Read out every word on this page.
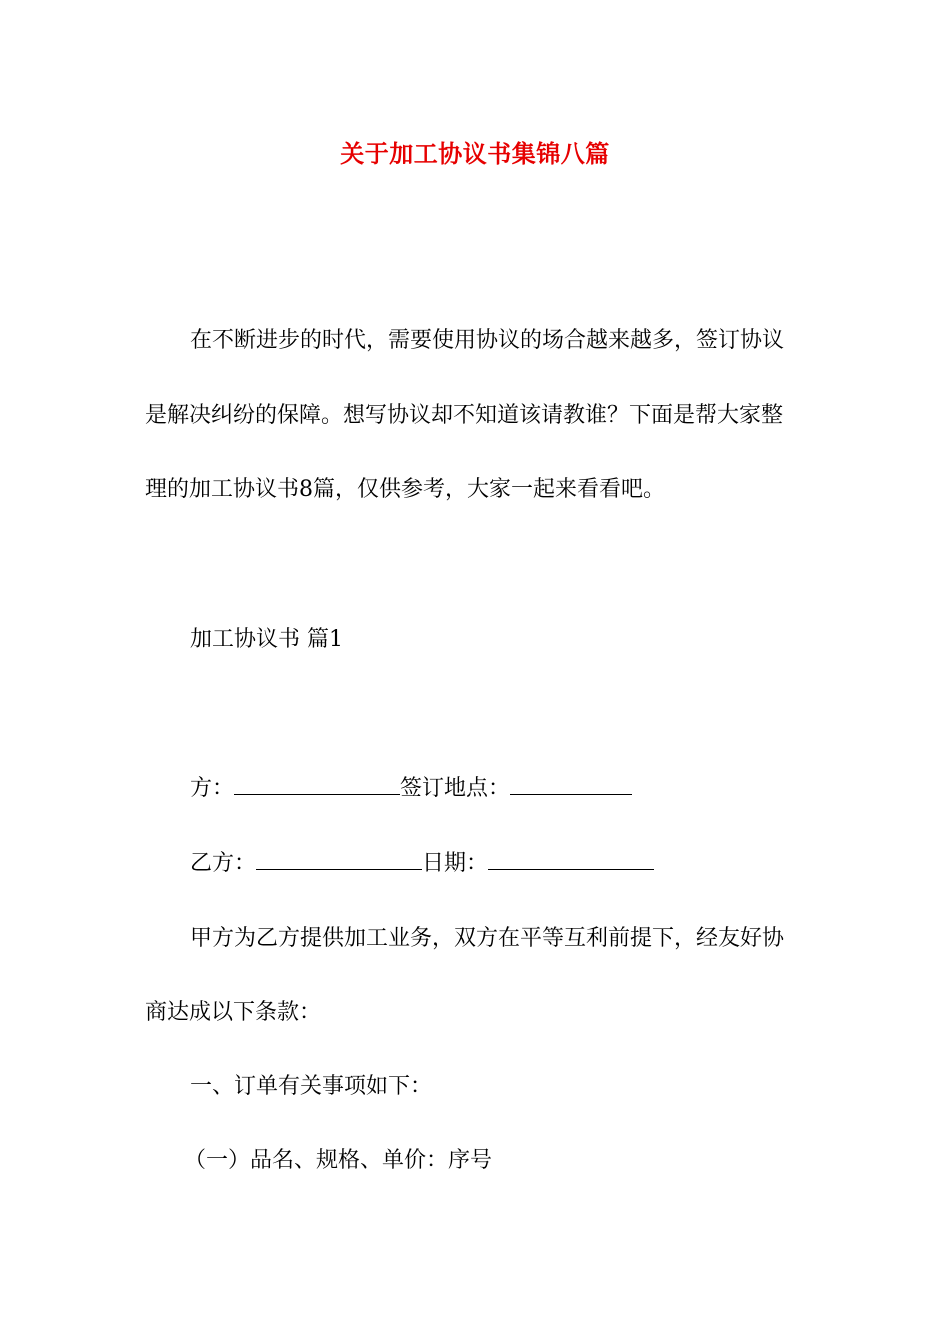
关于加工协议书集锦八篇
在不断进步的时代，需要使用协议的场合越来越多，签订协议
是解决纠纷的保障。想写协议却不知道该请教谁？下面是帮大家整
理的加工协议书8篇，仅供参考，大家一起来看看吧。
加工协议书 篇1
方：	签订地点：
乙方：	日期：
甲方为乙方提供加工业务，双方在平等互利前提下，经友好协
商达成以下条款：
一、订单有关事项如下：
（一）品名、规格、单价：序号
